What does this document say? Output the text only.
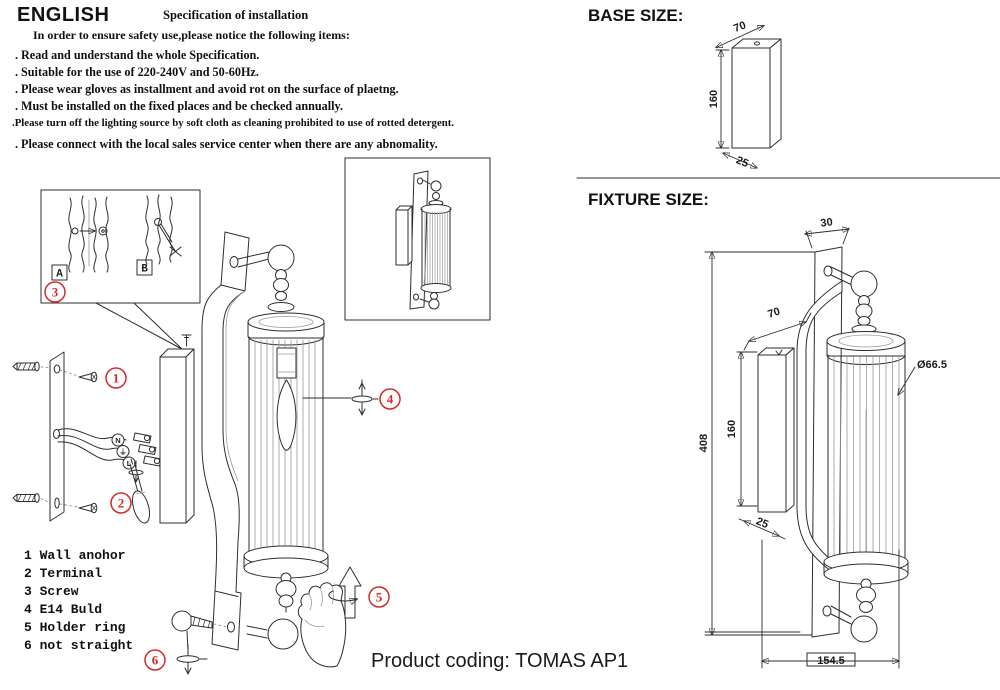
A	B
3
1
2
N
⏚
L
4
6
5
70
160
25
30
408
70
160
25
Ø66.5
154.5
ENGLISH	Specification of installation
In order to ensure safety use,please notice the following items:
. Read and understand the whole Specification.
. Suitable for the use of 220-240V and 50-60Hz.
. Please wear gloves as installment and avoid rot on the surface of plaetng.
. Must be installed on the fixed places and be checked annually.
. Please turn off the lighting source by soft cloth as cleaning prohibited to use of rotted detergent.
. Please connect with the local sales service center when there are any abnomality.
1 Wall anohor
2 Terminal
3 Screw
4 E14 Buld
5 Holder ring
6 not straight
Product coding: TOMAS AP1
BASE SIZE:
FIXTURE SIZE:
